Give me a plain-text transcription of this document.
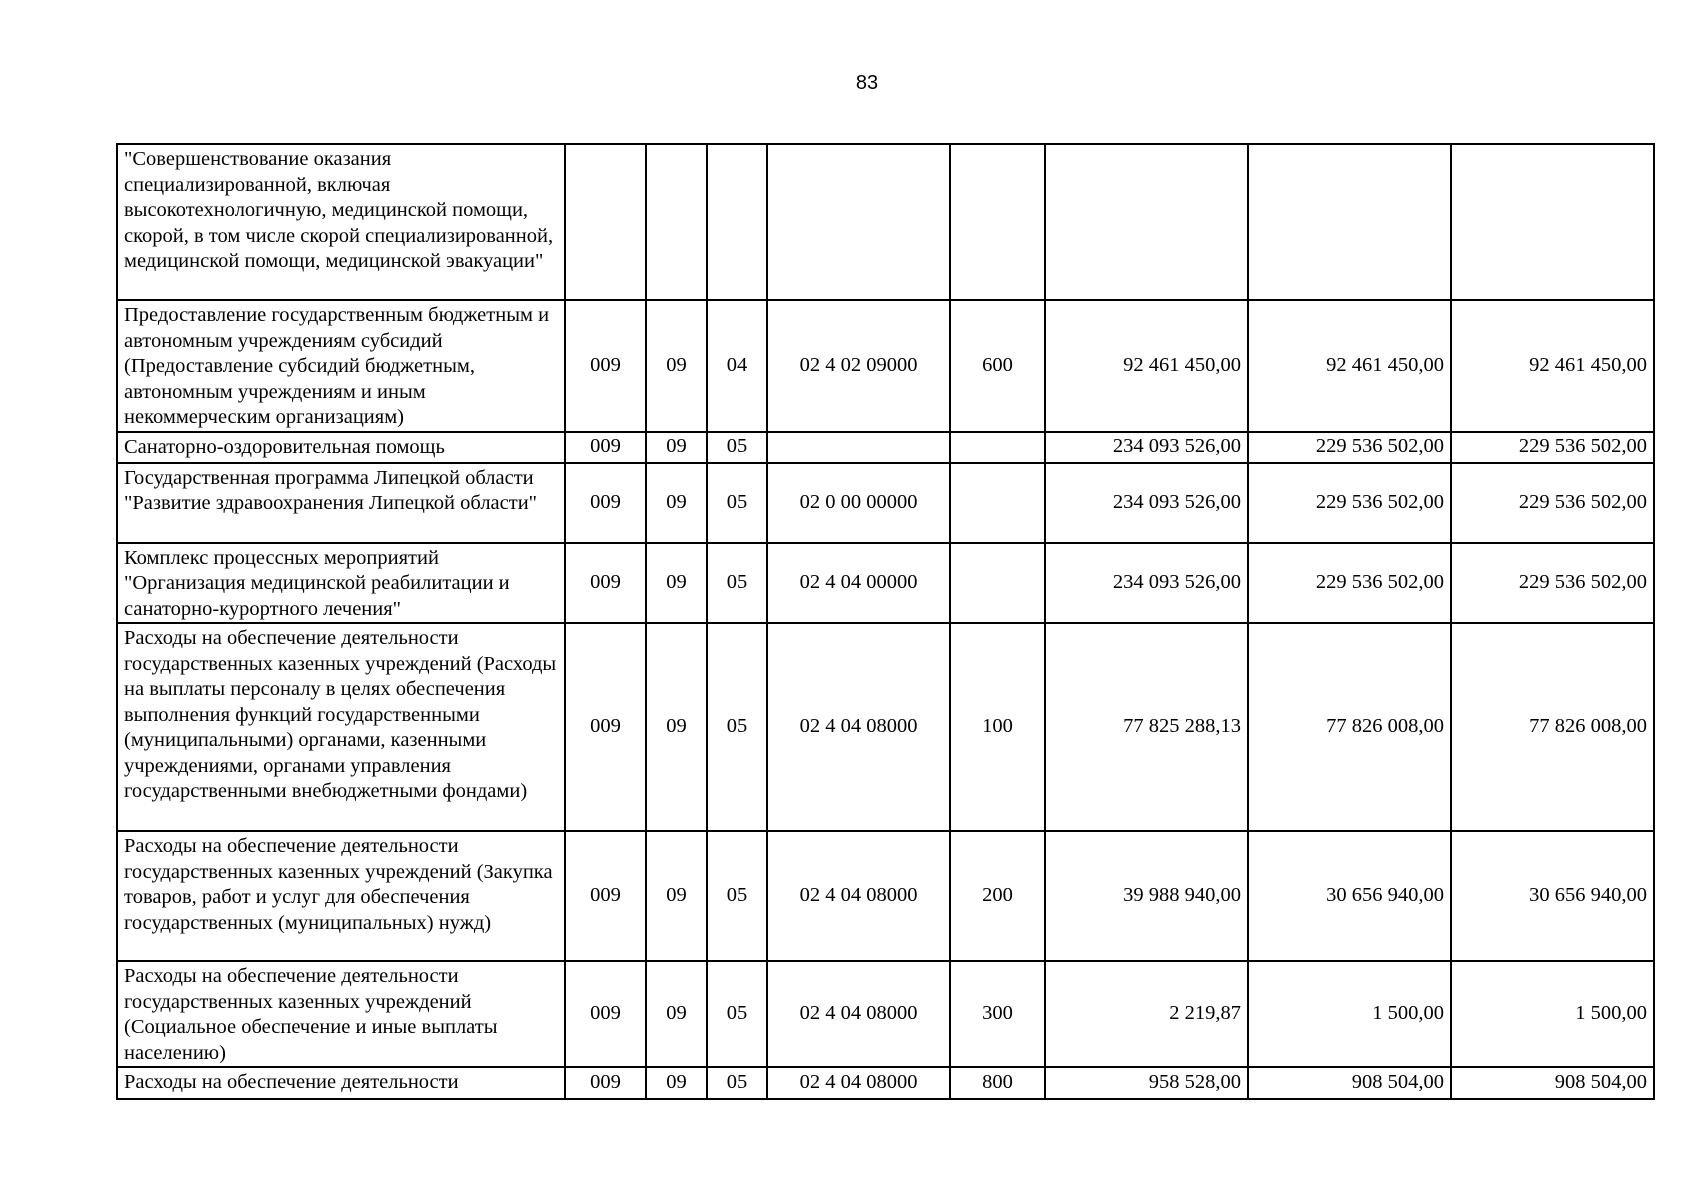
83
"Совершенствование оказания специализированной, включая высокотехнологичную, медицинской помощи, скорой, в том числе скорой специализированной, медицинской помощи, медицинской эвакуации"								
Предоставление государственным бюджетным и автономным учреждениям субсидий (Предоставление субсидий бюджетным, автономным учреждениям и иным некоммерческим организациям)	009	09	04	02 4 02 09000	600	92 461 450,00	92 461 450,00	92 461 450,00
Санаторно-оздоровительная помощь	009	09	05			234 093 526,00	229 536 502,00	229 536 502,00
Государственная программа Липецкой области "Развитие здравоохранения Липецкой области"	009	09	05	02 0 00 00000		234 093 526,00	229 536 502,00	229 536 502,00
Комплекс процессных мероприятий "Организация медицинской реабилитации и санаторно-курортного лечения"	009	09	05	02 4 04 00000		234 093 526,00	229 536 502,00	229 536 502,00
Расходы на обеспечение деятельности государственных казенных учреждений (Расходы на выплаты персоналу в целях обеспечения выполнения функций государственными (муниципальными) органами, казенными учреждениями, органами управления государственными внебюджетными фондами)	009	09	05	02 4 04 08000	100	77 825 288,13	77 826 008,00	77 826 008,00
Расходы на обеспечение деятельности государственных казенных учреждений (Закупка товаров, работ и услуг для обеспечения государственных (муниципальных) нужд)	009	09	05	02 4 04 08000	200	39 988 940,00	30 656 940,00	30 656 940,00
Расходы на обеспечение деятельности государственных казенных учреждений (Социальное обеспечение и иные выплаты населению)	009	09	05	02 4 04 08000	300	2 219,87	1 500,00	1 500,00
Расходы на обеспечение деятельности	009	09	05	02 4 04 08000	800	958 528,00	908 504,00	908 504,00
